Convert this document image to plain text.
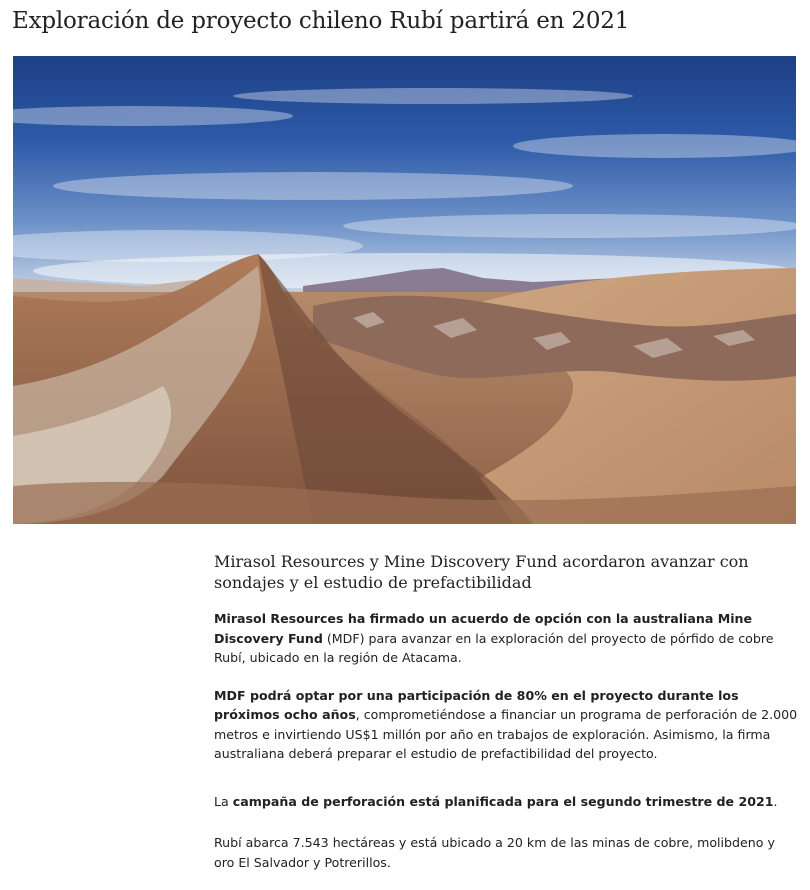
Exploración de proyecto chileno Rubí partirá en 2021
Mirasol Resources y Mine Discovery Fund acordaron avanzar con sondajes y el estudio de prefactibilidad

Mirasol Resources ha firmado un acuerdo de opción con la australiana Mine Discovery Fund (MDF) para avanzar en la exploración del proyecto de pórfido de cobre Rubí, ubicado en la región de Atacama.

MDF podrá optar por una participación de 80% en el proyecto durante los próximos ocho años, comprometiéndose a financiar un programa de perforación de 2.000 metros e invirtiendo US$1 millón por año en trabajos de exploración. Asimismo, la firma australiana deberá preparar el estudio de prefactibilidad del proyecto.

La campaña de perforación está planificada para el segundo trimestre de 2021.

Rubí abarca 7.543 hectáreas y está ubicado a 20 km de las minas de cobre, molibdeno y oro El Salvador y Potrerillos.
